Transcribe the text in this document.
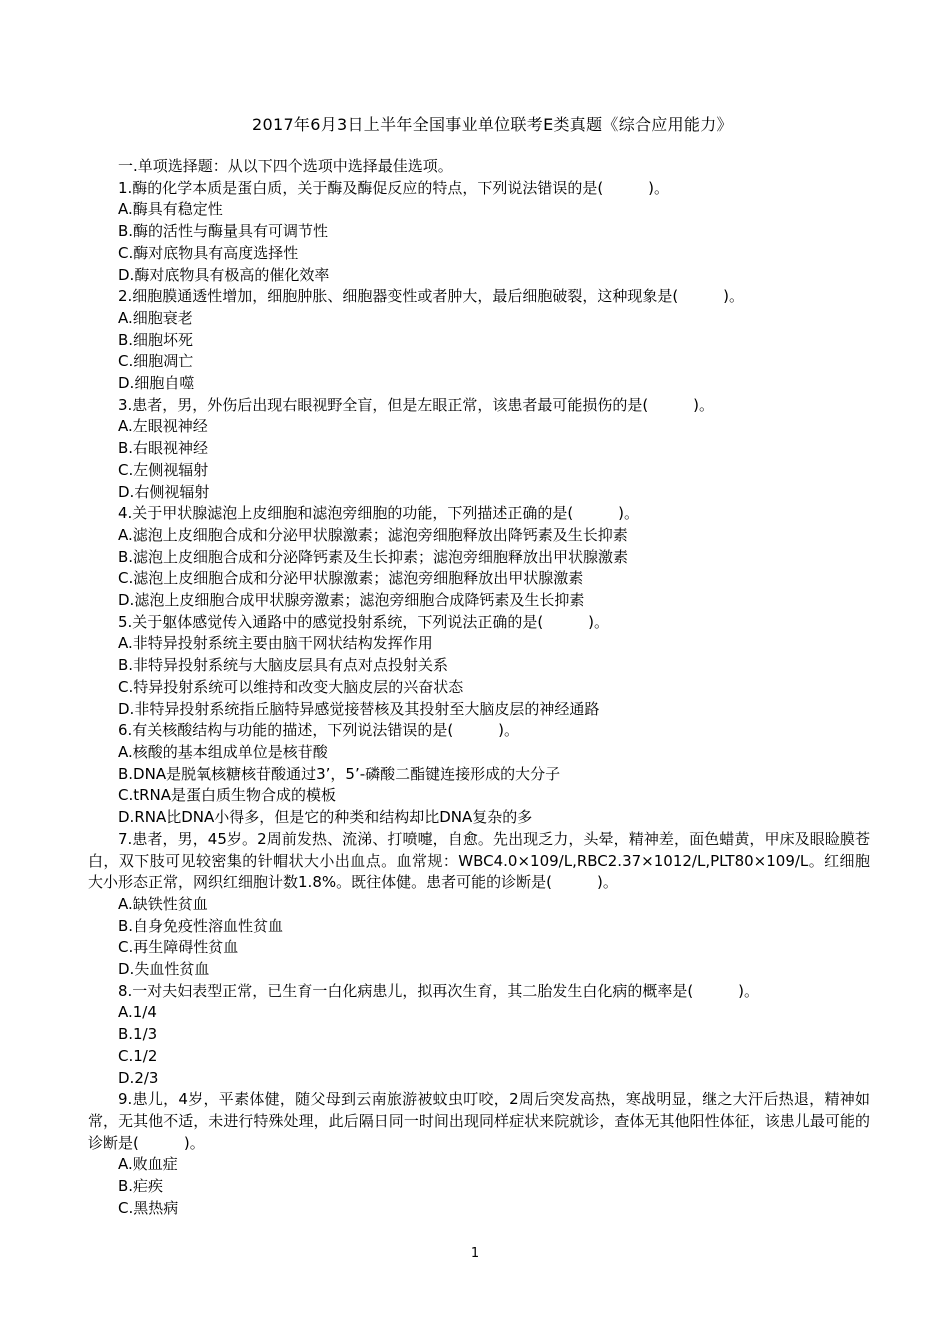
2017年6月3日上半年全国事业单位联考E类真题《综合应用能力》
一.单项选择题：从以下四个选项中选择最佳选项。
1.酶的化学本质是蛋白质，关于酶及酶促反应的特点，下列说法错误的是(　　　)。
A.酶具有稳定性
B.酶的活性与酶量具有可调节性
C.酶对底物具有高度选择性
D.酶对底物具有极高的催化效率
2.细胞膜通透性增加，细胞肿胀、细胞器变性或者肿大，最后细胞破裂，这种现象是(　　　)。
A.细胞衰老
B.细胞坏死
C.细胞凋亡
D.细胞自噬
3.患者，男，外伤后出现右眼视野全盲，但是左眼正常，该患者最可能损伤的是(　　　)。
A.左眼视神经
B.右眼视神经
C.左侧视辐射
D.右侧视辐射
4.关于甲状腺滤泡上皮细胞和滤泡旁细胞的功能，下列描述正确的是(　　　)。
A.滤泡上皮细胞合成和分泌甲状腺激素；滤泡旁细胞释放出降钙素及生长抑素
B.滤泡上皮细胞合成和分泌降钙素及生长抑素；滤泡旁细胞释放出甲状腺激素
C.滤泡上皮细胞合成和分泌甲状腺激素；滤泡旁细胞释放出甲状腺激素
D.滤泡上皮细胞合成甲状腺旁激素；滤泡旁细胞合成降钙素及生长抑素
5.关于躯体感觉传入通路中的感觉投射系统，下列说法正确的是(　　　)。
A.非特异投射系统主要由脑干网状结构发挥作用
B.非特异投射系统与大脑皮层具有点对点投射关系
C.特异投射系统可以维持和改变大脑皮层的兴奋状态
D.非特异投射系统指丘脑特异感觉接替核及其投射至大脑皮层的神经通路
6.有关核酸结构与功能的描述，下列说法错误的是(　　　)。
A.核酸的基本组成单位是核苷酸
B.DNA是脱氧核糖核苷酸通过3’，5’-磷酸二酯键连接形成的大分子
C.tRNA是蛋白质生物合成的模板
D.RNA比DNA小得多，但是它的种类和结构却比DNA复杂的多
7.患者，男，45岁。2周前发热、流涕、打喷嚏，自愈。先出现乏力，头晕，精神差，面色蜡黄，甲床及眼睑膜苍白，双下肢可见较密集的针帽状大小出血点。血常规：WBC4.0×109/L,RBC2.37×1012/L,PLT80×109/L。红细胞大小形态正常，网织红细胞计数1.8%。既往体健。患者可能的诊断是(　　　)。
A.缺铁性贫血
B.自身免疫性溶血性贫血
C.再生障碍性贫血
D.失血性贫血
8.一对夫妇表型正常，已生育一白化病患儿，拟再次生育，其二胎发生白化病的概率是(　　　)。
A.1/4
B.1/3
C.1/2
D.2/3
9.患儿，4岁，平素体健，随父母到云南旅游被蚊虫叮咬，2周后突发高热，寒战明显，继之大汗后热退，精神如常，无其他不适，未进行特殊处理，此后隔日同一时间出现同样症状来院就诊，查体无其他阳性体征，该患儿最可能的诊断是(　　　)。
A.败血症
B.疟疾
C.黑热病
1
